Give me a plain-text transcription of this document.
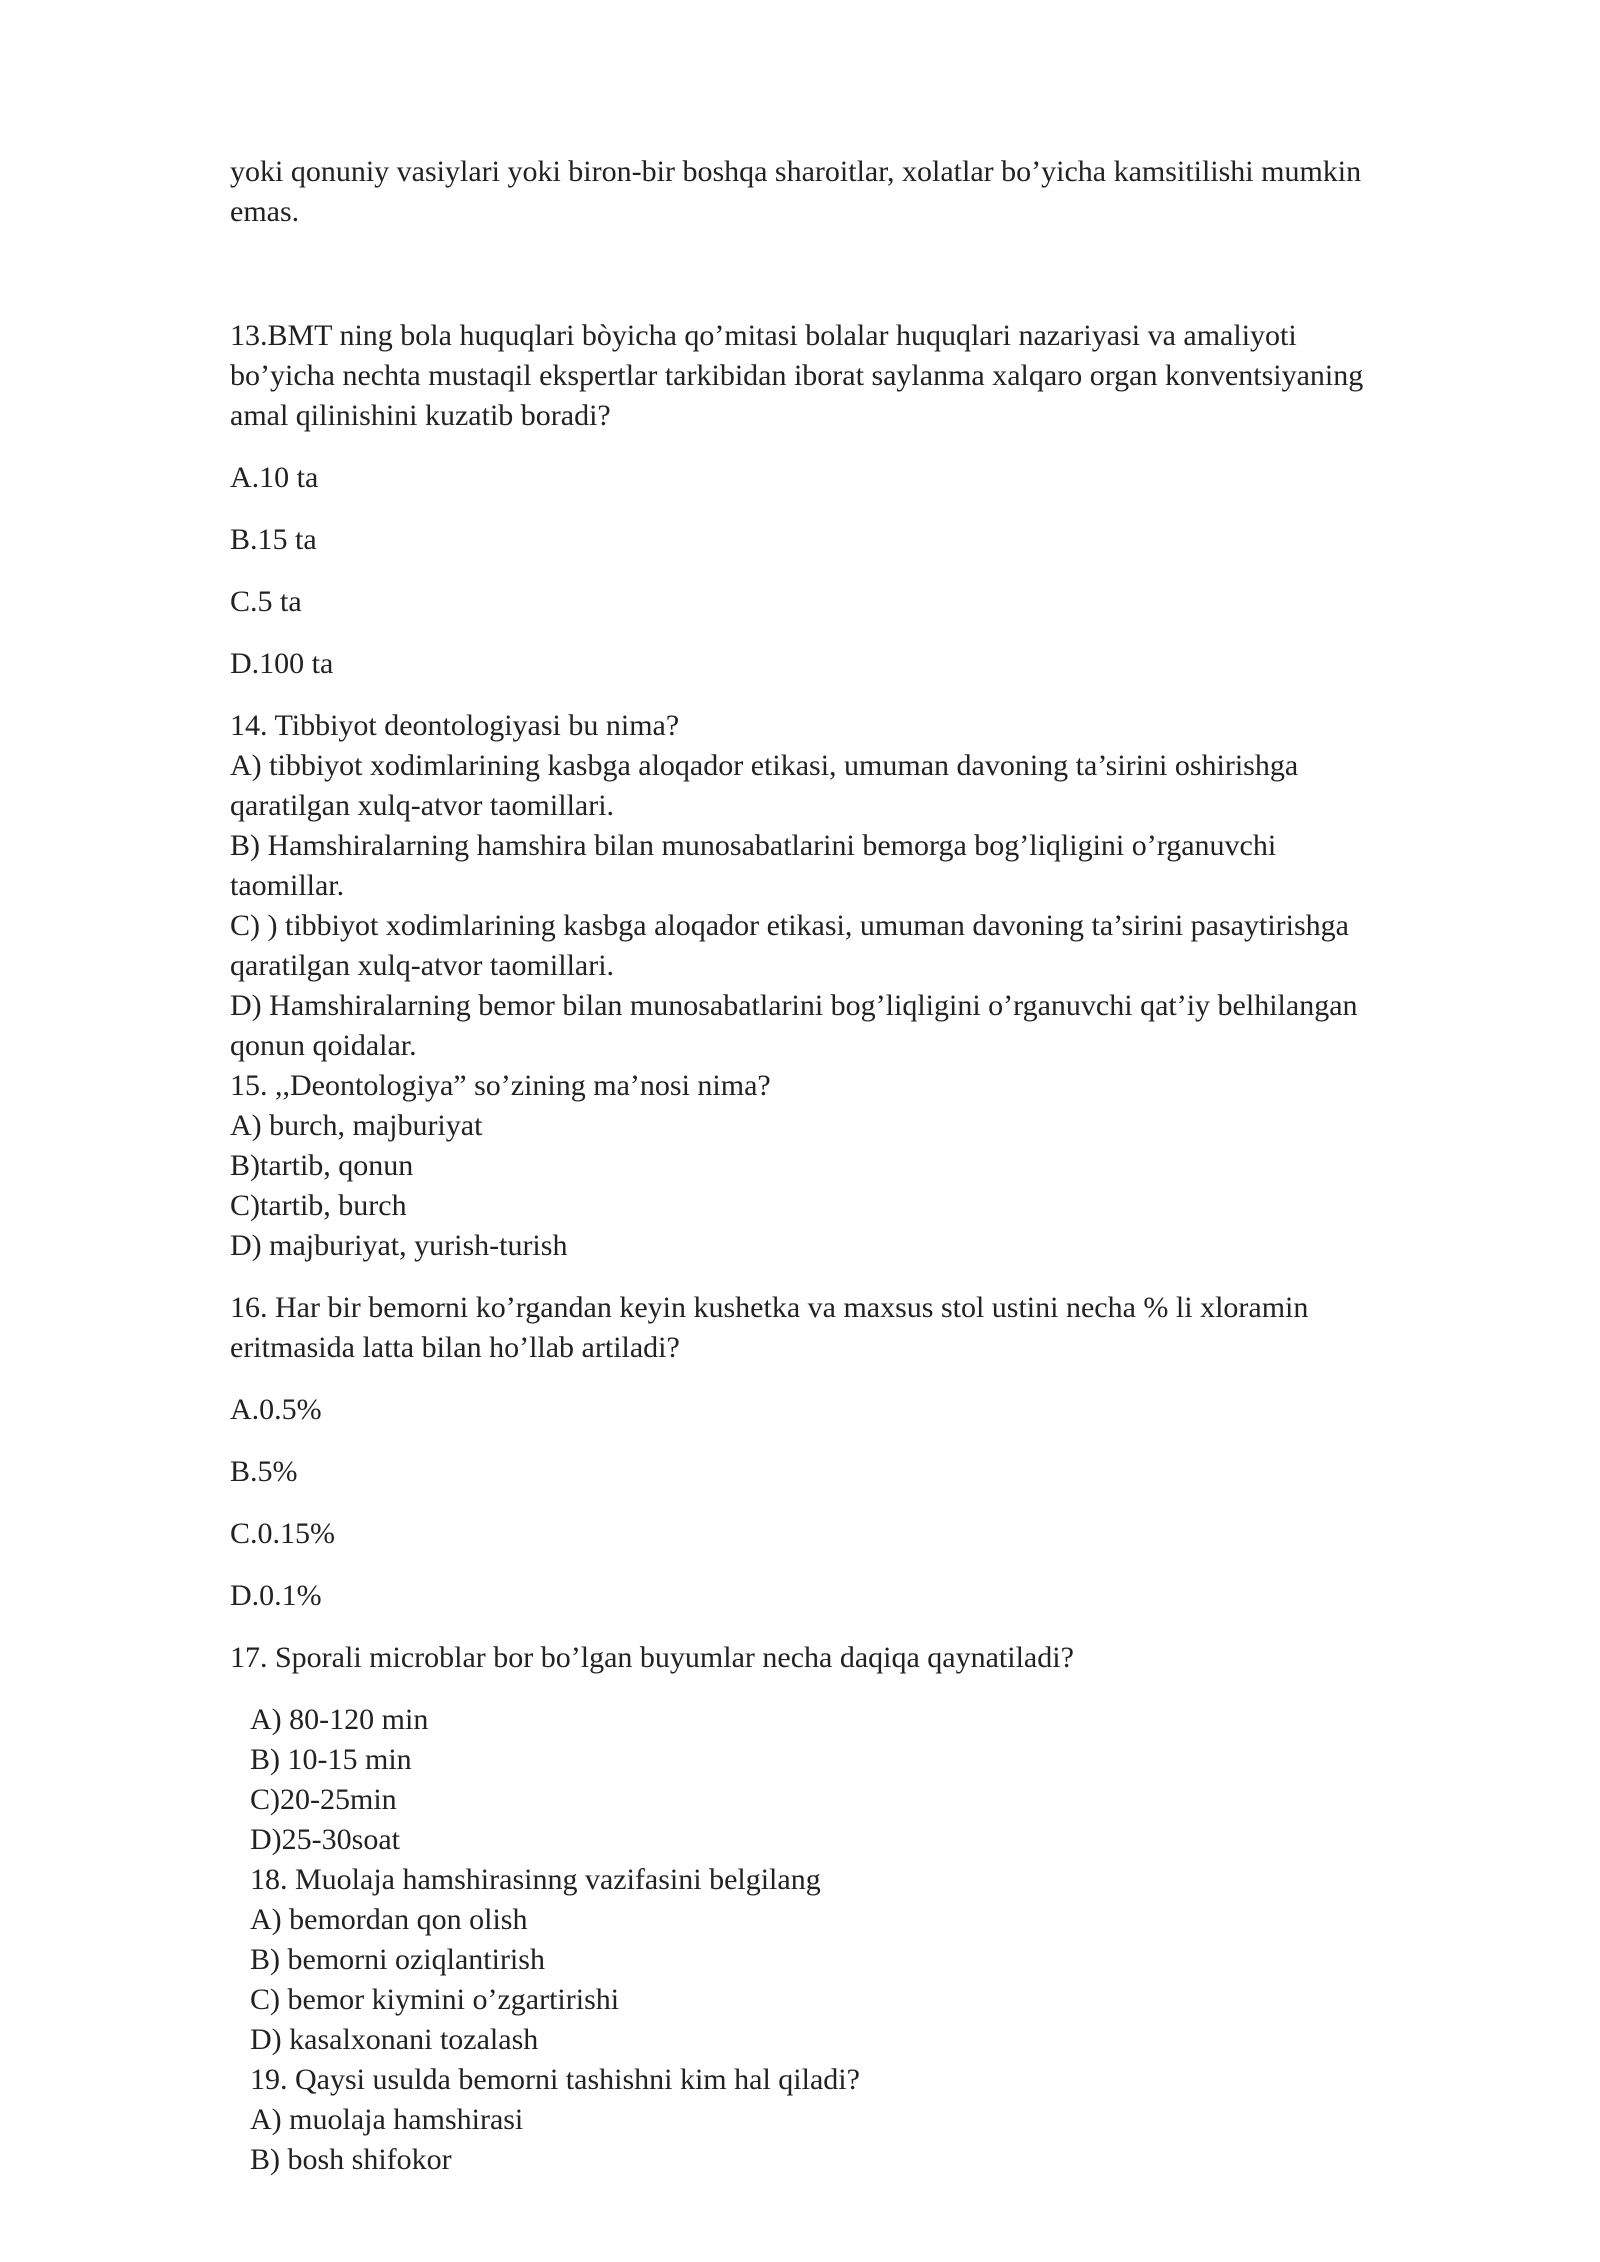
yoki qonuniy vasiylari yoki biron-bir boshqa sharoitlar, xolatlar bo’yicha kamsitilishi mumkin
emas.
13.BMT ning bola huquqlari bòyicha qo’mitasi bolalar huquqlari nazariyasi va amaliyoti
bo’yicha nechta mustaqil ekspertlar tarkibidan iborat saylanma xalqaro organ konventsiyaning
amal qilinishini kuzatib boradi?
A.10 ta
B.15 ta
C.5 ta
D.100 ta
14. Tibbiyot deontologiyasi bu nima?
A) tibbiyot xodimlarining kasbga aloqador etikasi, umuman davoning ta’sirini oshirishga
qaratilgan xulq-atvor taomillari.
B) Hamshiralarning hamshira bilan munosabatlarini bemorga bog’liqligini o’rganuvchi
taomillar.
C) ) tibbiyot xodimlarining kasbga aloqador etikasi, umuman davoning ta’sirini pasaytirishga
qaratilgan xulq-atvor taomillari.
D) Hamshiralarning bemor bilan munosabatlarini bog’liqligini o’rganuvchi qat’iy belhilangan
qonun qoidalar.
15. ,,Deontologiya” so’zining ma’nosi nima?
A) burch, majburiyat
B)tartib, qonun
C)tartib, burch
D) majburiyat, yurish-turish
16. Har bir bemorni ko’rgandan keyin kushetka va maxsus stol ustini necha % li xloramin
eritmasida latta bilan ho’llab artiladi?
A.0.5%
B.5%
C.0.15%
D.0.1%
17. Sporali microblar bor bo’lgan buyumlar necha daqiqa qaynatiladi?
A) 80-120 min
B) 10-15 min
C)20-25min
D)25-30soat
18. Muolaja hamshirasinng vazifasini belgilang
A) bemordan qon olish
B) bemorni oziqlantirish
C) bemor kiymini o’zgartirishi
D) kasalxonani tozalash
19. Qaysi usulda bemorni tashishni kim hal qiladi?
A) muolaja hamshirasi
B) bosh shifokor
